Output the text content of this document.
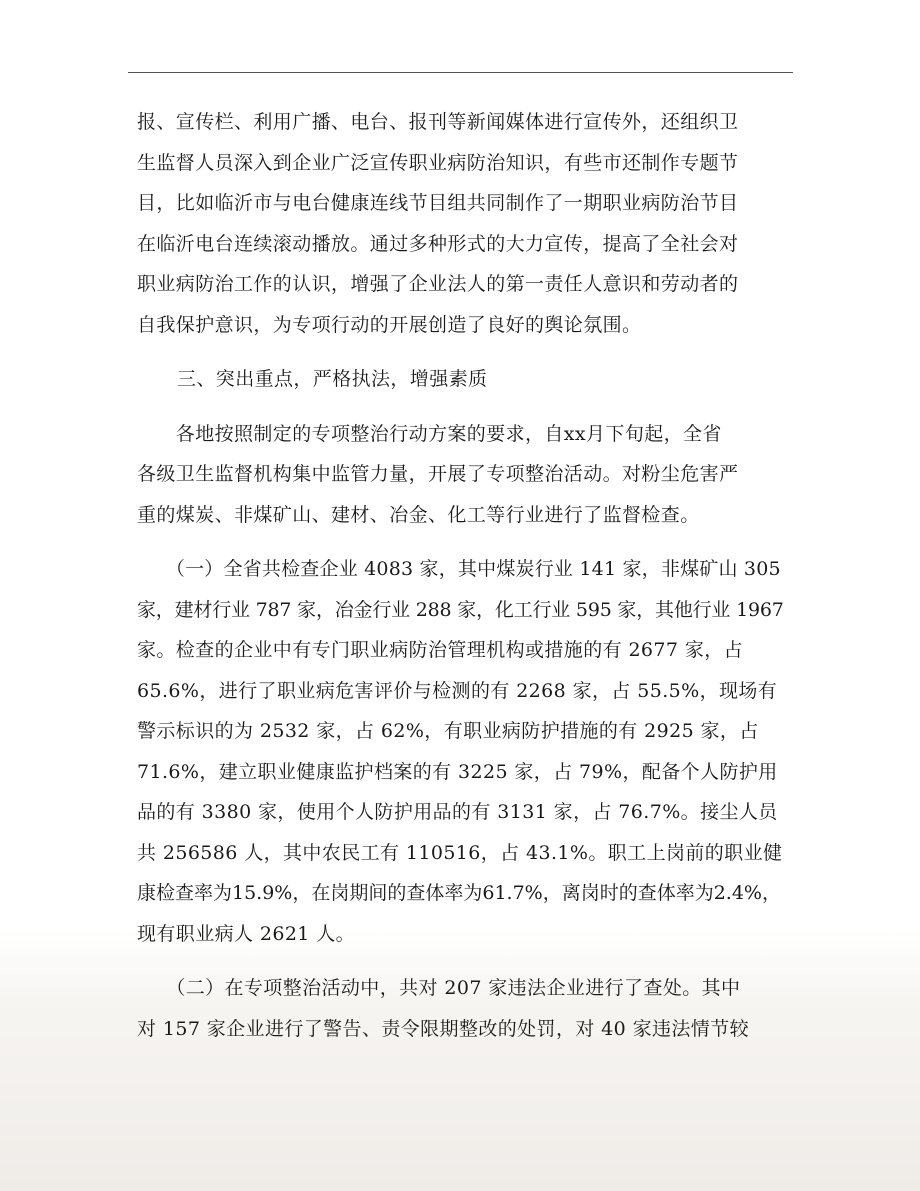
报、宣传栏、利用广播、电台、报刊等新闻媒体进行宣传外，还组织卫
生监督人员深入到企业广泛宣传职业病防治知识，有些市还制作专题节
目，比如临沂市与电台健康连线节目组共同制作了一期职业病防治节目
在临沂电台连续滚动播放。通过多种形式的大力宣传，提高了全社会对
职业病防治工作的认识，增强了企业法人的第一责任人意识和劳动者的
自我保护意识，为专项行动的开展创造了良好的舆论氛围。

三、突出重点，严格执法，增强素质

　　各地按照制定的专项整治行动方案的要求，自xx月下旬起，全省
各级卫生监督机构集中监管力量，开展了专项整治活动。对粉尘危害严
重的煤炭、非煤矿山、建材、冶金、化工等行业进行了监督检查。

　　（一）全省共检查企业 4083 家，其中煤炭行业 141 家，非煤矿山 305
家，建材行业 787 家，冶金行业 288 家，化工行业 595 家，其他行业 1967
家。检查的企业中有专门职业病防治管理机构或措施的有 2677 家，占
65.6%，进行了职业病危害评价与检测的有 2268 家，占 55.5%，现场有
警示标识的为 2532 家，占 62%，有职业病防护措施的有 2925 家，占
71.6%，建立职业健康监护档案的有 3225 家，占 79%，配备个人防护用
品的有 3380 家，使用个人防护用品的有 3131 家，占 76.7%。接尘人员
共 256586 人，其中农民工有 110516，占 43.1%。职工上岗前的职业健
康检查率为15.9%，在岗期间的查体率为61.7%，离岗时的查体率为2.4%，
现有职业病人 2621 人。

　　（二）在专项整治活动中，共对 207 家违法企业进行了查处。其中
对 157 家企业进行了警告、责令限期整改的处罚，对 40 家违法情节较
